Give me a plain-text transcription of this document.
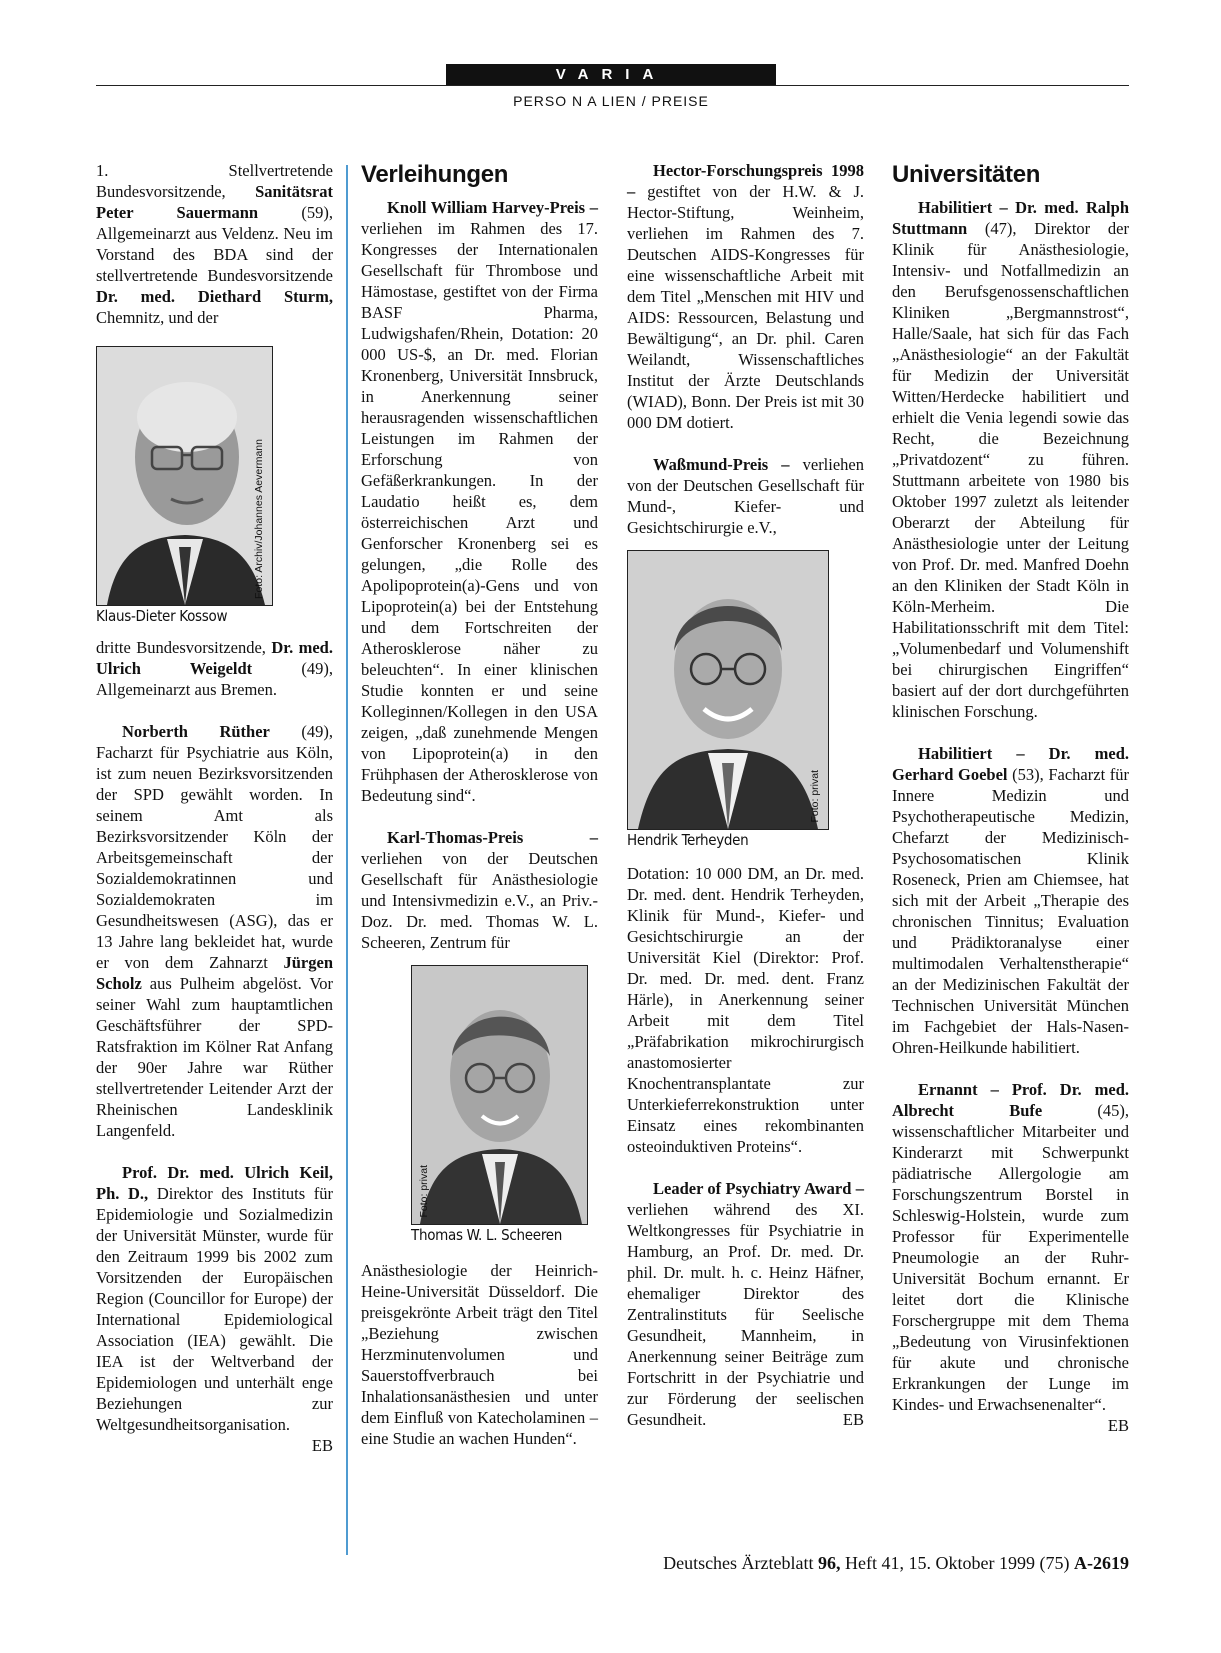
VARIA
PERSO N A LIEN / PREISE

1. Stellvertretende Bundesvorsitzende, Sanitätsrat Peter Sauermann (59), Allgemeinarzt aus Veldenz. Neu im Vorstand des BDA sind der stellvertretende Bundesvorsitzende Dr. med. Diethard Sturm, Chemnitz, und der

Foto: Archiv/Johannes Aevermann

Klaus-Dieter Kossow

dritte Bundesvorsitzende, Dr. med. Ulrich Weigeldt (49), Allgemeinarzt aus Bremen.

Norberth Rüther (49), Facharzt für Psychiatrie aus Köln, ist zum neuen Bezirksvorsitzenden der SPD gewählt worden. In seinem Amt als Bezirksvorsitzender Köln der Arbeitsgemeinschaft der Sozialdemokratinnen und Sozialdemokraten im Gesundheitswesen (ASG), das er 13 Jahre lang bekleidet hat, wurde er von dem Zahnarzt Jürgen Scholz aus Pulheim abgelöst. Vor seiner Wahl zum hauptamtlichen Geschäftsführer der SPD-Ratsfraktion im Kölner Rat Anfang der 90er Jahre war Rüther stellvertretender Leitender Arzt der Rheinischen Landesklinik Langenfeld.

Prof. Dr. med. Ulrich Keil, Ph. D., Direktor des Instituts für Epidemiologie und Sozialmedizin der Universität Münster, wurde für den Zeitraum 1999 bis 2002 zum Vorsitzenden der Europäischen Region (Councillor for Europe) der International Epidemiological Association (IEA) gewählt. Die IEA ist der Weltverband der Epidemiologen und unterhält enge Beziehungen zur Weltgesundheitsorganisation.
EB

Verleihungen

Knoll William Harvey-Preis – verliehen im Rahmen des 17. Kongresses der Internationalen Gesellschaft für Thrombose und Hämostase, gestiftet von der Firma BASF Pharma, Ludwigshafen/Rhein, Dotation: 20 000 US-$, an Dr. med. Florian Kronenberg, Universität Innsbruck, in Anerkennung seiner herausragenden wissenschaftlichen Leistungen im Rahmen der Erforschung von Gefäßerkrankungen. In der Laudatio heißt es, dem österreichischen Arzt und Genforscher Kronenberg sei es gelungen, „die Rolle des Apolipoprotein(a)-Gens und von Lipoprotein(a) bei der Entstehung und dem Fortschreiten der Atherosklerose näher zu beleuchten“. In einer klinischen Studie konnten er und seine Kolleginnen/Kollegen in den USA zeigen, „daß zunehmende Mengen von Lipoprotein(a) in den Frühphasen der Atherosklerose von Bedeutung sind“.

Karl-Thomas-Preis – verliehen von der Deutschen Gesellschaft für Anästhesiologie und Intensivmedizin e.V., an Priv.-Doz. Dr. med. Thomas W. L. Scheeren, Zentrum für

Foto: privat

Thomas W. L. Scheeren

Anästhesiologie der Heinrich-Heine-Universität Düsseldorf. Die preisgekrönte Arbeit trägt den Titel „Beziehung zwischen Herzminutenvolumen und Sauerstoffverbrauch bei Inhalationsanästhesien und unter dem Einfluß von Katecholaminen – eine Studie an wachen Hunden“.

Hector-Forschungspreis 1998 – gestiftet von der H.W. & J. Hector-Stiftung, Weinheim, verliehen im Rahmen des 7. Deutschen AIDS-Kongresses für eine wissenschaftliche Arbeit mit dem Titel „Menschen mit HIV und AIDS: Ressourcen, Belastung und Bewältigung“, an Dr. phil. Caren Weilandt, Wissenschaftliches Institut der Ärzte Deutschlands (WIAD), Bonn. Der Preis ist mit 30 000 DM dotiert.

Waßmund-Preis – verliehen von der Deutschen Gesellschaft für Mund-, Kiefer- und Gesichtschirurgie e.V.,

Foto: privat

Hendrik Terheyden

Dotation: 10 000 DM, an Dr. med. Dr. med. dent. Hendrik Terheyden, Klinik für Mund-, Kiefer- und Gesichtschirurgie an der Universität Kiel (Direktor: Prof. Dr. med. Dr. med. dent. Franz Härle), in Anerkennung seiner Arbeit mit dem Titel „Präfabrikation mikrochirurgisch anastomosierter Knochentransplantate zur Unterkieferrekonstruktion unter Einsatz eines rekombinanten osteoinduktiven Proteins“.

Leader of Psychiatry Award – verliehen während des XI. Weltkongresses für Psychiatrie in Hamburg, an Prof. Dr. med. Dr. phil. Dr. mult. h. c. Heinz Häfner, ehemaliger Direktor des Zentralinstituts für Seelische Gesundheit, Mannheim, in Anerkennung seiner Beiträge zum Fortschritt in der Psychiatrie und zur Förderung der seelischen Gesundheit.	EB

Universitäten

Habilitiert – Dr. med. Ralph Stuttmann (47), Direktor der Klinik für Anästhesiologie, Intensiv- und Notfallmedizin an den Berufsgenossenschaftlichen Kliniken „Bergmannstrost“, Halle/Saale, hat sich für das Fach „Anästhesiologie“ an der Fakultät für Medizin der Universität Witten/Herdecke habilitiert und erhielt die Venia legendi sowie das Recht, die Bezeichnung „Privatdozent“ zu führen. Stuttmann arbeitete von 1980 bis Oktober 1997 zuletzt als leitender Oberarzt der Abteilung für Anästhesiologie unter der Leitung von Prof. Dr. med. Manfred Doehn an den Kliniken der Stadt Köln in Köln-Merheim. Die Habilitationsschrift mit dem Titel: „Volumenbedarf und Volumenshift bei chirurgischen Eingriffen“ basiert auf der dort durchgeführten klinischen Forschung.

Habilitiert – Dr. med. Gerhard Goebel (53), Facharzt für Innere Medizin und Psychotherapeutische Medizin, Chefarzt der Medizinisch-Psychosomatischen Klinik Roseneck, Prien am Chiemsee, hat sich mit der Arbeit „Therapie des chronischen Tinnitus; Evaluation und Prädiktoranalyse einer multimodalen Verhaltenstherapie“ an der Medizinischen Fakultät der Technischen Universität München im Fachgebiet der Hals-Nasen-Ohren-Heilkunde habilitiert.

Ernannt – Prof. Dr. med. Albrecht Bufe (45), wissenschaftlicher Mitarbeiter und Kinderarzt mit Schwerpunkt pädiatrische Allergologie am Forschungszentrum Borstel in Schleswig-Holstein, wurde zum Professor für Experimentelle Pneumologie an der Ruhr-Universität Bochum ernannt. Er leitet dort die Klinische Forschergruppe mit dem Thema „Bedeutung von Virusinfektionen für akute und chronische Erkrankungen der Lunge im Kindes- und Erwachsenenalter“.
EB

Deutsches Ärzteblatt 96, Heft 41, 15. Oktober 1999 (75) A-2619
